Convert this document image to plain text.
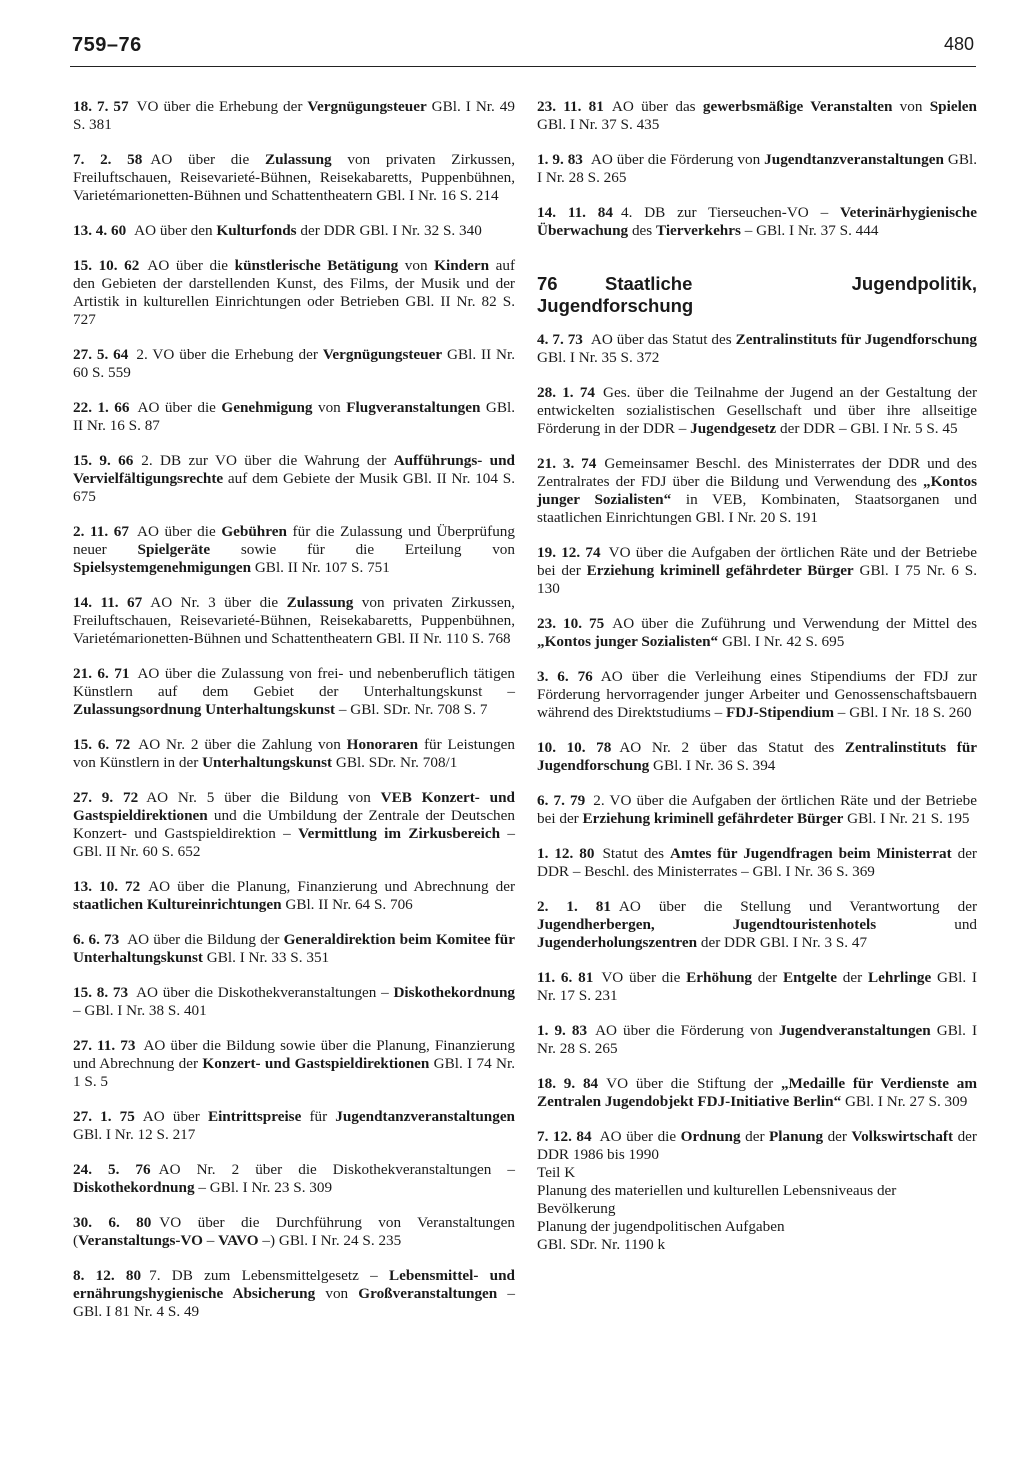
759–76	480
18. 7. 57 VO über die Erhebung der Vergnügungsteuer GBl. I Nr. 49 S. 381
7. 2. 58 AO über die Zulassung von privaten Zirkussen, Freiluftschauen, Reisevarieté-Bühnen, Reisekabaretts, Puppenbühnen, Varietémarionetten-Bühnen und Schattentheatern GBl. I Nr. 16 S. 214
13. 4. 60 AO über den Kulturfonds der DDR GBl. I Nr. 32 S. 340
15. 10. 62 AO über die künstlerische Betätigung von Kindern auf den Gebieten der darstellenden Kunst, des Films, der Musik und der Artistik in kulturellen Einrichtungen oder Betrieben GBl. II Nr. 82 S. 727
27. 5. 64 2. VO über die Erhebung der Vergnügungsteuer GBl. II Nr. 60 S. 559
22. 1. 66 AO über die Genehmigung von Flugveranstaltungen GBl. II Nr. 16 S. 87
15. 9. 66 2. DB zur VO über die Wahrung der Aufführungs- und Vervielfältigungsrechte auf dem Gebiete der Musik GBl. II Nr. 104 S. 675
2. 11. 67 AO über die Gebühren für die Zulassung und Überprüfung neuer Spielgeräte sowie für die Erteilung von Spielsystemgenehmigungen GBl. II Nr. 107 S. 751
14. 11. 67 AO Nr. 3 über die Zulassung von privaten Zirkussen, Freiluftschauen, Reisevarieté-Bühnen, Reisekabaretts, Puppenbühnen, Varietémarionetten-Bühnen und Schattentheatern GBl. II Nr. 110 S. 768
21. 6. 71 AO über die Zulassung von frei- und nebenberuflich tätigen Künstlern auf dem Gebiet der Unterhaltungskunst – Zulassungsordnung Unterhaltungskunst – GBl. SDr. Nr. 708 S. 7
15. 6. 72 AO Nr. 2 über die Zahlung von Honoraren für Leistungen von Künstlern in der Unterhaltungskunst GBl. SDr. Nr. 708/1
27. 9. 72 AO Nr. 5 über die Bildung von VEB Konzert- und Gastspieldirektionen und die Umbildung der Zentrale der Deutschen Konzert- und Gastspieldirektion – Vermittlung im Zirkusbereich – GBl. II Nr. 60 S. 652
13. 10. 72 AO über die Planung, Finanzierung und Abrechnung der staatlichen Kultureinrichtungen GBl. II Nr. 64 S. 706
6. 6. 73 AO über die Bildung der Generaldirektion beim Komitee für Unterhaltungskunst GBl. I Nr. 33 S. 351
15. 8. 73 AO über die Diskothekveranstaltungen – Diskothekordnung – GBl. I Nr. 38 S. 401
27. 11. 73 AO über die Bildung sowie über die Planung, Finanzierung und Abrechnung der Konzert- und Gastspieldirektionen GBl. I 74 Nr. 1 S. 5
27. 1. 75 AO über Eintrittspreise für Jugendtanzveranstaltungen GBl. I Nr. 12 S. 217
24. 5. 76 AO Nr. 2 über die Diskothekveranstaltungen – Diskothekordnung – GBl. I Nr. 23 S. 309
30. 6. 80 VO über die Durchführung von Veranstaltungen (Veranstaltungs-VO – VAVO –) GBl. I Nr. 24 S. 235
8. 12. 80 7. DB zum Lebensmittelgesetz – Lebensmittel- und ernährungshygienische Absicherung von Großveranstaltungen – GBl. I 81 Nr. 4 S. 49
23. 11. 81 AO über das gewerbsmäßige Veranstalten von Spielen GBl. I Nr. 37 S. 435
1. 9. 83 AO über die Förderung von Jugendtanzveranstaltungen GBl. I Nr. 28 S. 265
14. 11. 84 4. DB zur Tierseuchen-VO – Veterinärhygienische Überwachung des Tierverkehrs – GBl. I Nr. 37 S. 444
76	Staatliche Jugendpolitik, Jugendforschung
4. 7. 73 AO über das Statut des Zentralinstituts für Jugendforschung GBl. I Nr. 35 S. 372
28. 1. 74 Ges. über die Teilnahme der Jugend an der Gestaltung der entwickelten sozialistischen Gesellschaft und über ihre allseitige Förderung in der DDR – Jugendgesetz der DDR – GBl. I Nr. 5 S. 45
21. 3. 74 Gemeinsamer Beschl. des Ministerrates der DDR und des Zentralrates der FDJ über die Bildung und Verwendung des „Kontos junger Sozialisten“ in VEB, Kombinaten, Staatsorganen und staatlichen Einrichtungen GBl. I Nr. 20 S. 191
19. 12. 74 VO über die Aufgaben der örtlichen Räte und der Betriebe bei der Erziehung kriminell gefährdeter Bürger GBl. I 75 Nr. 6 S. 130
23. 10. 75 AO über die Zuführung und Verwendung der Mittel des „Kontos junger Sozialisten“ GBl. I Nr. 42 S. 695
3. 6. 76 AO über die Verleihung eines Stipendiums der FDJ zur Förderung hervorragender junger Arbeiter und Genossenschaftsbauern während des Direktstudiums – FDJ-Stipendium – GBl. I Nr. 18 S. 260
10. 10. 78 AO Nr. 2 über das Statut des Zentralinstituts für Jugendforschung GBl. I Nr. 36 S. 394
6. 7. 79 2. VO über die Aufgaben der örtlichen Räte und der Betriebe bei der Erziehung kriminell gefährdeter Bürger GBl. I Nr. 21 S. 195
1. 12. 80 Statut des Amtes für Jugendfragen beim Ministerrat der DDR – Beschl. des Ministerrates – GBl. I Nr. 36 S. 369
2. 1. 81 AO über die Stellung und Verantwortung der Jugendherbergen, Jugendtouristenhotels und Jugenderholungszentren der DDR GBl. I Nr. 3 S. 47
11. 6. 81 VO über die Erhöhung der Entgelte der Lehrlinge GBl. I Nr. 17 S. 231
1. 9. 83 AO über die Förderung von Jugendveranstaltungen GBl. I Nr. 28 S. 265
18. 9. 84 VO über die Stiftung der „Medaille für Verdienste am Zentralen Jugendobjekt FDJ-Initiative Berlin“ GBl. I Nr. 27 S. 309
7. 12. 84 AO über die Ordnung der Planung der Volkswirtschaft der DDR 1986 bis 1990
Teil K
Planung des materiellen und kulturellen Lebensniveaus der Bevölkerung
Planung der jugendpolitischen Aufgaben
GBl. SDr. Nr. 1190 k
